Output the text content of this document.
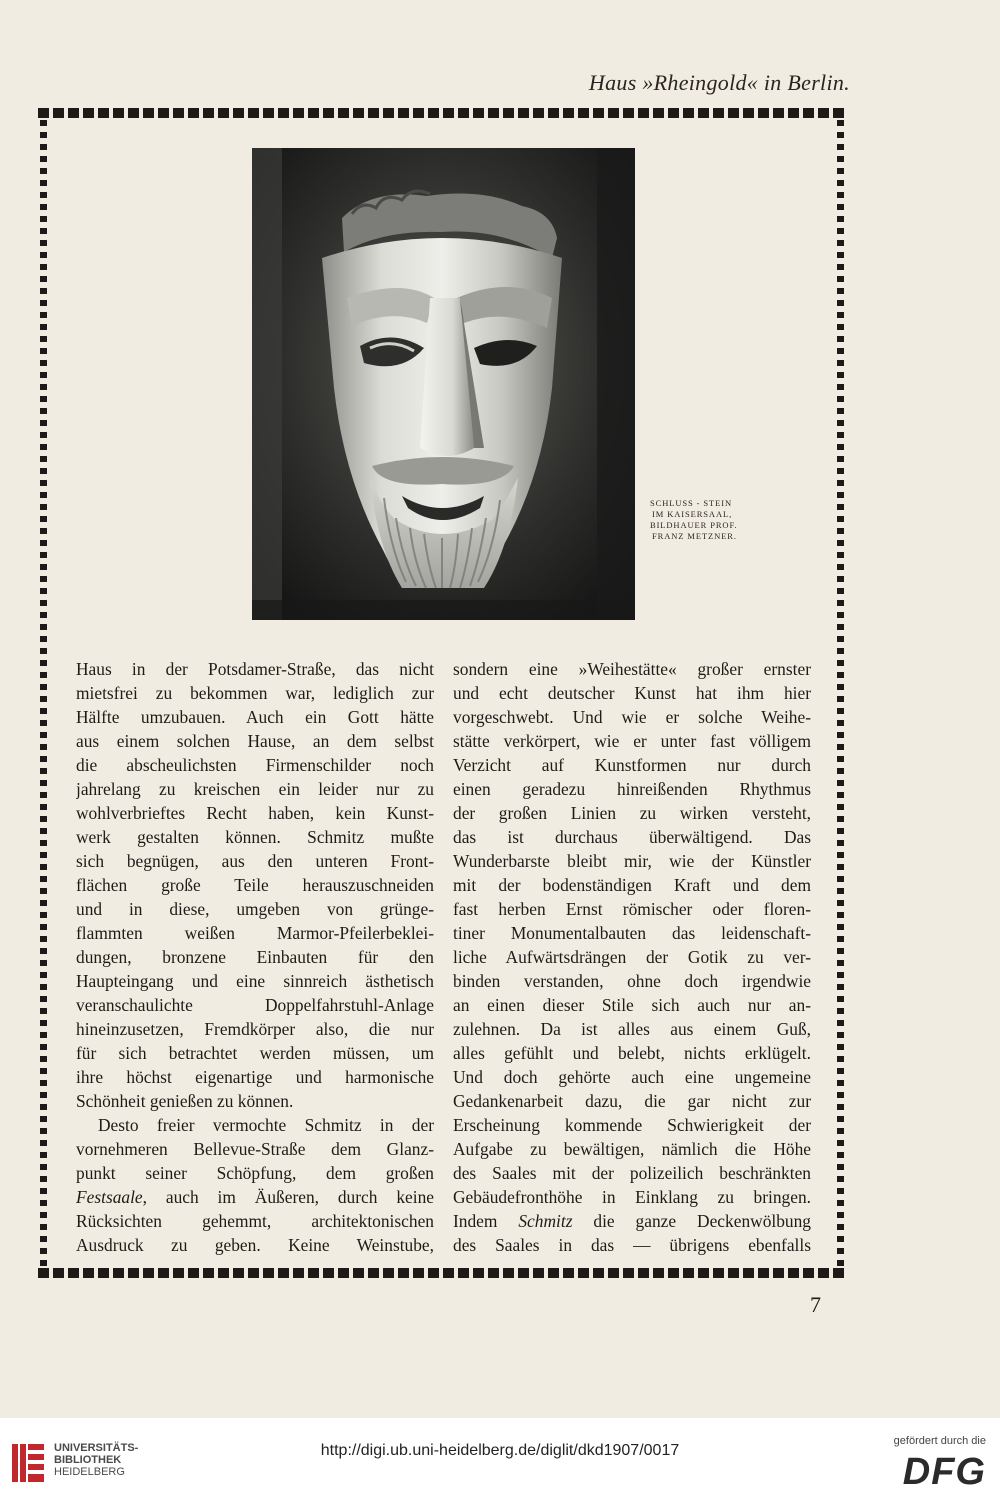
Haus »Rheingold« in Berlin.

SCHLUSS - STEIN
IM KAISERSAAL,
BILDHAUER PROF.
FRANZ METZNER.

Haus in der Potsdamer-Straße, das nicht
mietsfrei zu bekommen war, lediglich zur
Hälfte umzubauen. Auch ein Gott hätte
aus einem solchen Hause, an dem selbst
die abscheulichsten Firmenschilder noch
jahrelang zu kreischen ein leider nur zu
wohlverbrieftes Recht haben, kein Kunst-
werk gestalten können. Schmitz mußte
sich begnügen, aus den unteren Front-
flächen große Teile herauszuschneiden
und in diese, umgeben von grünge-
flammten weißen Marmor-Pfeilerbeklei-
dungen, bronzene Einbauten für den
Haupteingang und eine sinnreich ästhetisch
veranschaulichte Doppelfahrstuhl-Anlage
hineinzusetzen, Fremdkörper also, die nur
für sich betrachtet werden müssen, um
ihre höchst eigenartige und harmonische
Schönheit genießen zu können.
Desto freier vermochte Schmitz in der
vornehmeren Bellevue-Straße dem Glanz-
punkt seiner Schöpfung, dem großen
Festsaale, auch im Äußeren, durch keine
Rücksichten gehemmt, architektonischen
Ausdruck zu geben. Keine Weinstube,
sondern eine »Weihestätte« großer ernster
und echt deutscher Kunst hat ihm hier
vorgeschwebt. Und wie er solche Weihe-
stätte verkörpert, wie er unter fast völligem
Verzicht auf Kunstformen nur durch
einen geradezu hinreißenden Rhythmus
der großen Linien zu wirken versteht,
das ist durchaus überwältigend. Das
Wunderbarste bleibt mir, wie der Künstler
mit der bodenständigen Kraft und dem
fast herben Ernst römischer oder floren-
tiner Monumentalbauten das leidenschaft-
liche Aufwärtsdrängen der Gotik zu ver-
binden verstanden, ohne doch irgendwie
an einen dieser Stile sich auch nur an-
zulehnen. Da ist alles aus einem Guß,
alles gefühlt und belebt, nichts erklügelt.
Und doch gehörte auch eine ungemeine
Gedankenarbeit dazu, die gar nicht zur
Erscheinung kommende Schwierigkeit der
Aufgabe zu bewältigen, nämlich die Höhe
des Saales mit der polizeilich beschränkten
Gebäudefronthöhe in Einklang zu bringen.
Indem Schmitz die ganze Deckenwölbung
des Saales in das — übrigens ebenfalls

7

UNIVERSITÄTS-
BIBLIOTHEK
HEIDELBERG

http://digi.ub.uni-heidelberg.de/diglit/dkd1907/0017

gefördert durch die

DFG
